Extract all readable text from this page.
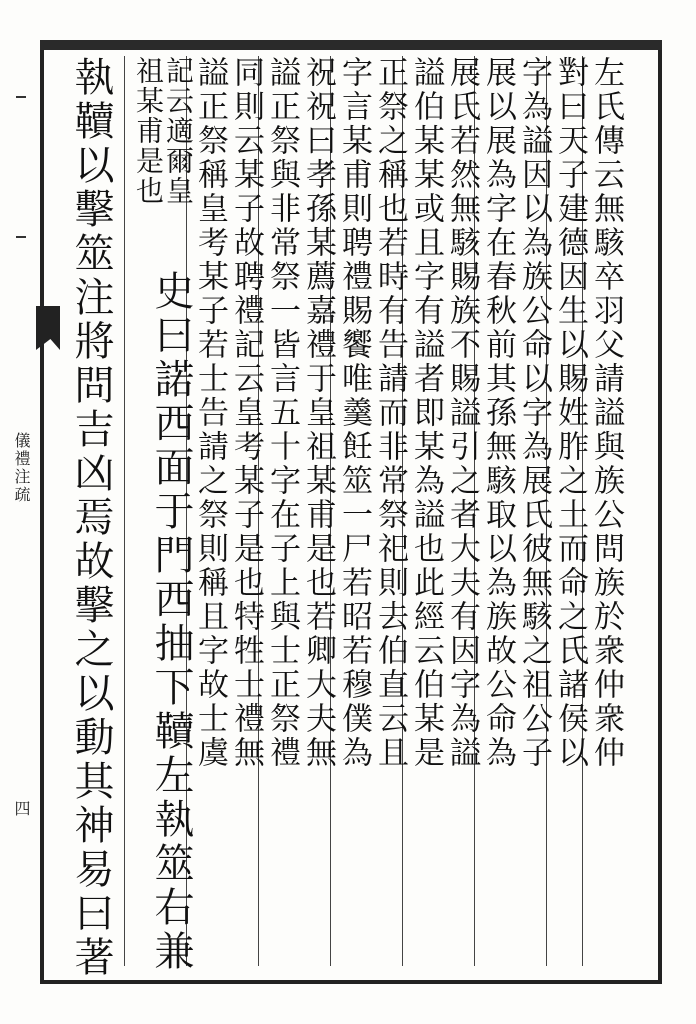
儀禮注疏
四
左氏傳云無駭卒羽父請謚與族公問族於衆仲衆仲
對曰天子建德因生以賜姓胙之土而命之氏諸侯以
字為謚因以為族公命以字為展氏彼無駭之祖公子
展以展為字在春秋前其孫無駭取以為族故公命為
展氏若然無駭賜族不賜謚引之者大夫有因字為謚
謚伯某某或且字有謚者即某為謚也此經云伯某是
正祭之稱也若時有告請而非常祭祀則去伯直云且
字言某甫則聘禮賜饗唯羹飪筮一尸若昭若穆僕為
祝祝曰孝孫某薦嘉禮于皇祖某甫是也若卿大夫無
謚正祭與非常祭一皆言五十字在子上與士正祭禮
同則云某子故聘禮記云皇考某子是也特牲士禮無
謚正祭稱皇考某子若士告請之祭則稱且字故士虞
記云適爾皇
祖某甫是也
史曰諾西面于門西抽下韇左執筮右兼
執韇以擊筮注將問吉凶焉故擊之以動其神易曰著
